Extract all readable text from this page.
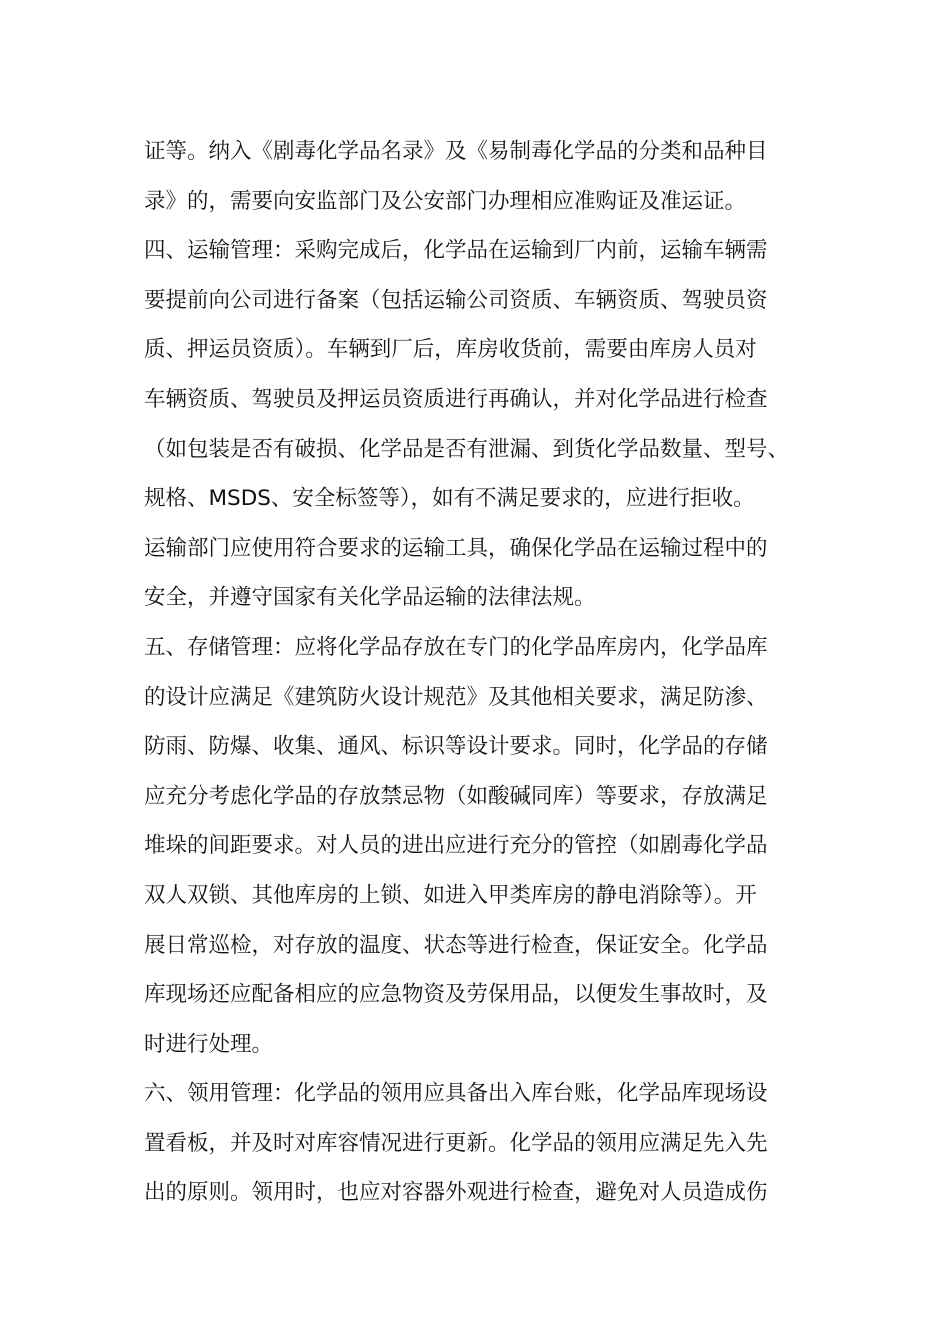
证等。纳入《剧毒化学品名录》及《易制毒化学品的分类和品种目
录》的，需要向安监部门及公安部门办理相应准购证及准运证。
四、运输管理：采购完成后，化学品在运输到厂内前，运输车辆需
要提前向公司进行备案（包括运输公司资质、车辆资质、驾驶员资
质、押运员资质）。车辆到厂后，库房收货前，需要由库房人员对
车辆资质、驾驶员及押运员资质进行再确认，并对化学品进行检查
（如包装是否有破损、化学品是否有泄漏、到货化学品数量、型号、
规格、MSDS、安全标签等），如有不满足要求的，应进行拒收。
运输部门应使用符合要求的运输工具，确保化学品在运输过程中的
安全，并遵守国家有关化学品运输的法律法规。
五、存储管理：应将化学品存放在专门的化学品库房内，化学品库
的设计应满足《建筑防火设计规范》及其他相关要求，满足防渗、
防雨、防爆、收集、通风、标识等设计要求。同时，化学品的存储
应充分考虑化学品的存放禁忌物（如酸碱同库）等要求，存放满足
堆垛的间距要求。对人员的进出应进行充分的管控（如剧毒化学品
双人双锁、其他库房的上锁、如进入甲类库房的静电消除等）。开
展日常巡检，对存放的温度、状态等进行检查，保证安全。化学品
库现场还应配备相应的应急物资及劳保用品，以便发生事故时，及
时进行处理。
六、领用管理：化学品的领用应具备出入库台账，化学品库现场设
置看板，并及时对库容情况进行更新。化学品的领用应满足先入先
出的原则。领用时，也应对容器外观进行检查，避免对人员造成伤
